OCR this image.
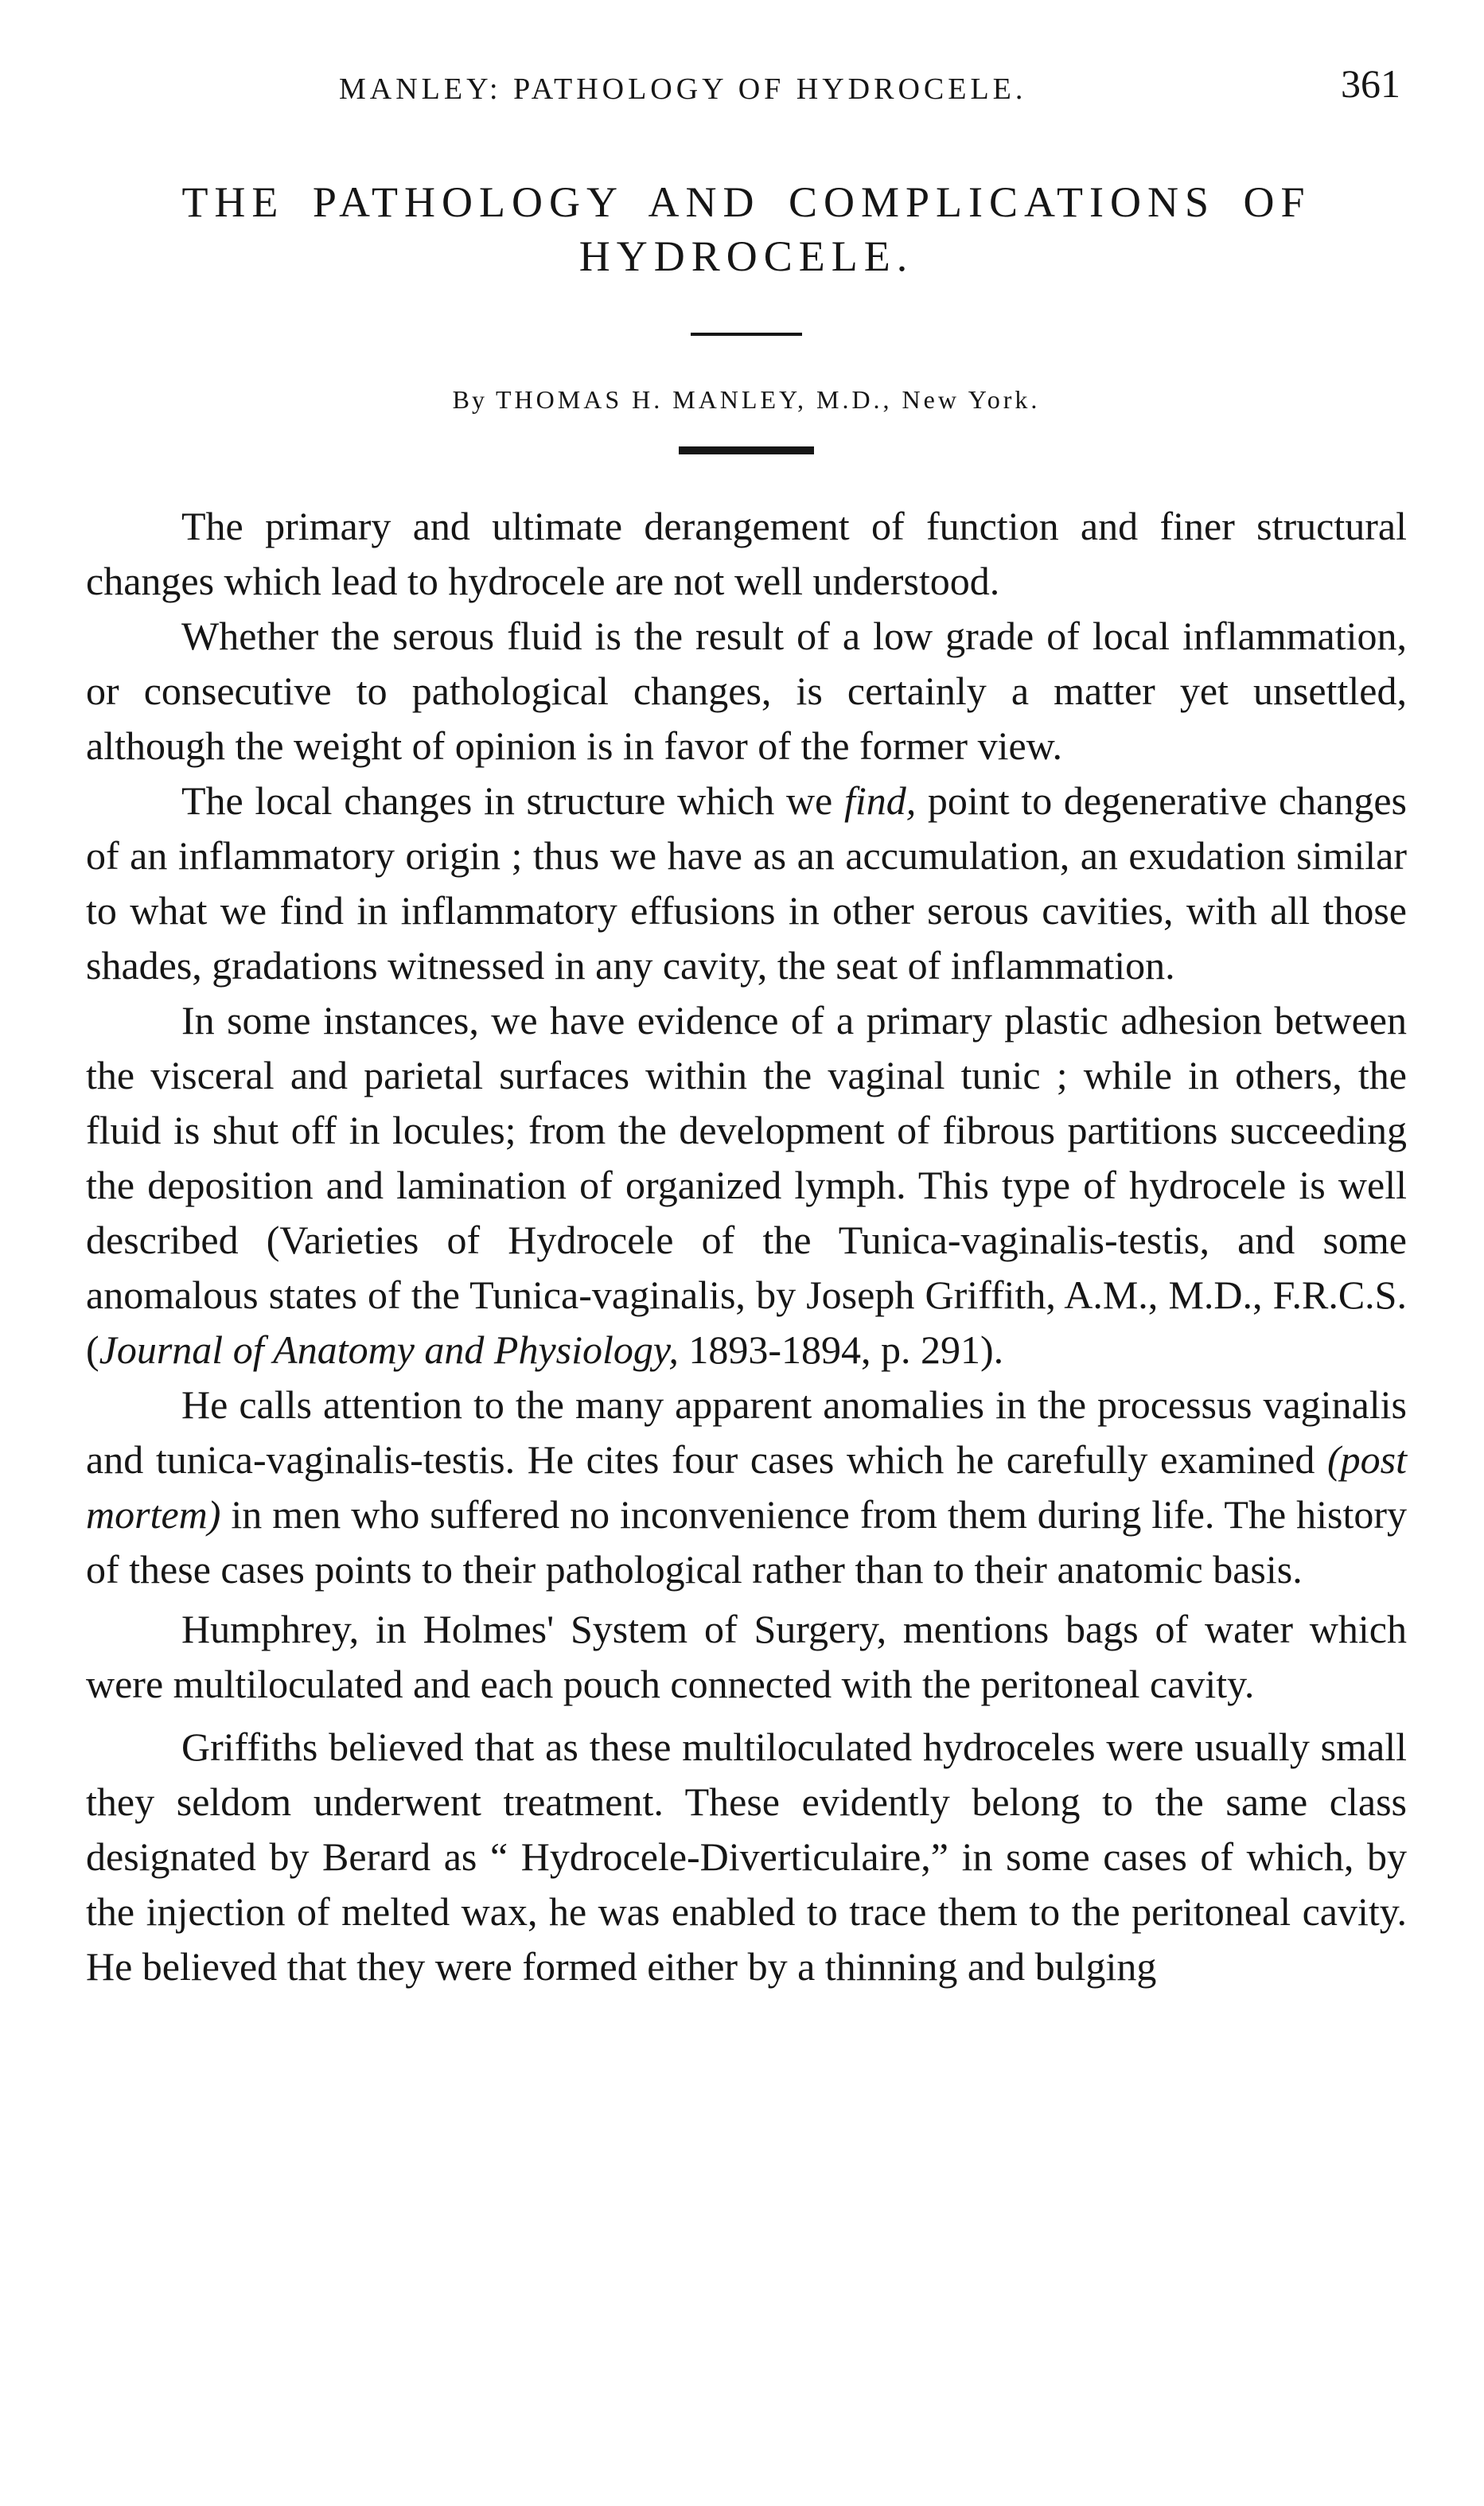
MANLEY: PATHOLOGY OF HYDROCELE.	361
THE PATHOLOGY AND COMPLICATIONS OF
HYDROCELE.
By THOMAS H. MANLEY, M.D., New York.

The primary and ultimate derangement of function and finer structural changes which lead to hydrocele are not well understood.

Whether the serous fluid is the result of a low grade of local inflammation, or consecutive to pathological changes, is certainly a matter yet unsettled, although the weight of opinion is in favor of the former view.

The local changes in structure which we find, point to degenerative changes of an inflammatory origin ; thus we have as an accumulation, an exudation similar to what we find in inflammatory effusions in other serous cavities, with all those shades, gradations witnessed in any cavity, the seat of inflammation.

In some instances, we have evidence of a primary plastic adhesion between the visceral and parietal surfaces within the vaginal tunic ; while in others, the fluid is shut off in locules; from the development of fibrous partitions succeeding the deposition and lamination of organized lymph. This type of hydrocele is well described (Varieties of Hydrocele of the Tunica-vaginalis-testis, and some anomalous states of the Tunica-vaginalis, by Joseph Griffith, A.M., M.D., F.R.C.S. (Journal of Anatomy and Physiology, 1893-1894, p. 291).

He calls attention to the many apparent anomalies in the processus vaginalis and tunica-vaginalis-testis. He cites four cases which he carefully examined (post mortem) in men who suffered no inconvenience from them during life. The history of these cases points to their pathological rather than to their anatomic basis.

Humphrey, in Holmes' System of Surgery, mentions bags of water which were multiloculated and each pouch connected with the peritoneal cavity.

Griffiths believed that as these multiloculated hydroceles were usually small they seldom underwent treatment. These evidently belong to the same class designated by Berard as “ Hydrocele-Diverticulaire,” in some cases of which, by the injection of melted wax, he was enabled to trace them to the peritoneal cavity. He believed that they were formed either by a thinning and bulging
